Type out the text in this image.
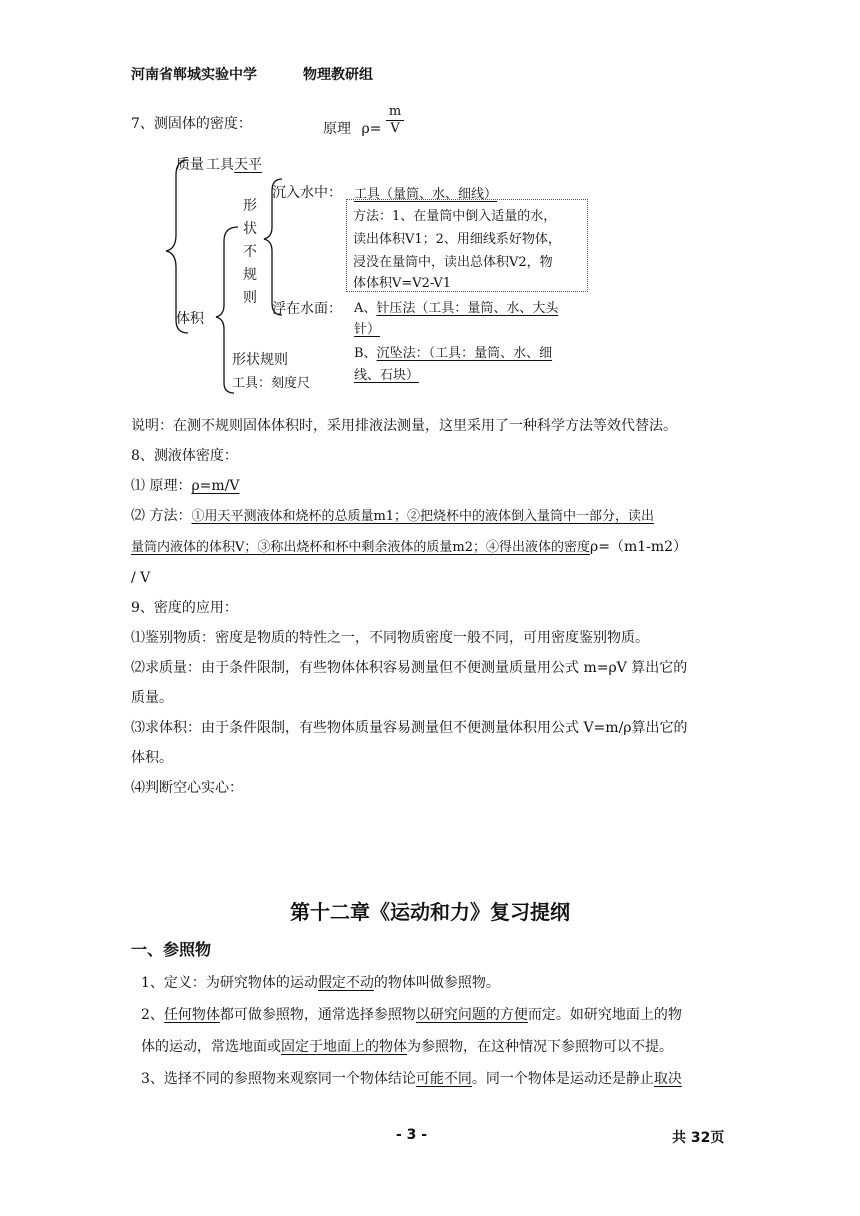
河南省郸城实验中学	物理教研组
7、测固体的密度：	原理 $\rho= \frac{m}{V}$
质量 工具天平
体积
形
状
不
规
则
沉入水中： 工具（量筒、水、细线）

方法：1、在量筒中倒入适量的水，

读出体积V1；2、用细线系好物体，

浸没在量筒中，读出总体积V2，物

体体积V=V2-V1

浮在水面： A、针压法（工具：量筒、水、大头
针）
B、沉坠法：（工具：量筒、水、细
线、石块）
形状规则
工具：刻度尺

说明：在测不规则固体体积时，采用排液法测量，这里采用了一种科学方法等效代替法。

8、测液体密度：

⑴ 原理：ρ=m/V

⑵ 方法：①用天平测液体和烧杯的总质量m1；②把烧杯中的液体倒入量筒中一部分，读出

量筒内液体的体积V；③称出烧杯和杯中剩余液体的质量m2；④得出液体的密度ρ=（m1-m2）

/ V

9、密度的应用：

⑴鉴别物质：密度是物质的特性之一，不同物质密度一般不同，可用密度鉴别物质。

⑵求质量：由于条件限制，有些物体体积容易测量但不便测量质量用公式 m=ρV 算出它的

质量。

⑶求体积：由于条件限制，有些物体质量容易测量但不便测量体积用公式 V=m/ρ算出它的

体积。

⑷判断空心实心：

第十二章《运动和力》复习提纲
一、参照物

1、定义：为研究物体的运动假定不动的物体叫做参照物。

2、任何物体都可做参照物，通常选择参照物以研究问题的方便而定。如研究地面上的物

体的运动，常选地面或固定于地面上的物体为参照物，在这种情况下参照物可以不提。

3、选择不同的参照物来观察同一个物体结论可能不同。同一个物体是运动还是静止取决

- 3 -	共 32页
